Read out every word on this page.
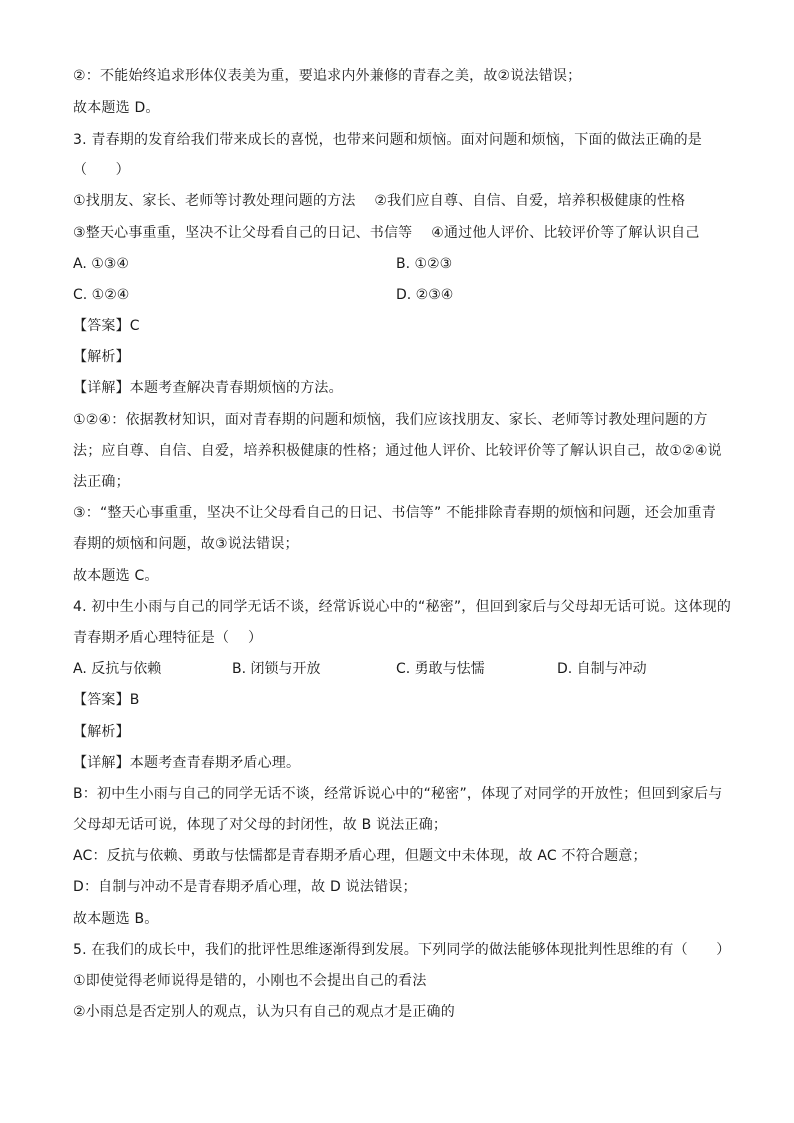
②：不能始终追求形体仪表美为重，要追求内外兼修的青春之美，故②说法错误；
故本题选 D。
3. 青春期的发育给我们带来成长的喜悦，也带来问题和烦恼。面对问题和烦恼，下面的做法正确的是
（　　）
①找朋友、家长、老师等讨教处理问题的方法　 ②我们应自尊、自信、自爱，培养积极健康的性格
③整天心事重重，坚决不让父母看自己的日记、书信等　 ④通过他人评价、比较评价等了解认识自己
A. ①③④	B. ①②③
C. ①②④	D. ②③④
【答案】C
【解析】
【详解】本题考查解决青春期烦恼的方法。
①②④：依据教材知识，面对青春期的问题和烦恼，我们应该找朋友、家长、老师等讨教处理问题的方
法；应自尊、自信、自爱，培养积极健康的性格；通过他人评价、比较评价等了解认识自己，故①②④说
法正确；
③：“整天心事重重，坚决不让父母看自己的日记、书信等” 不能排除青春期的烦恼和问题，还会加重青
春期的烦恼和问题，故③说法错误；
故本题选 C。
4. 初中生小雨与自己的同学无话不谈，经常诉说心中的“秘密”，但回到家后与父母却无话可说。这体现的
青春期矛盾心理特征是（　 ）
A. 反抗与依赖	B. 闭锁与开放	C. 勇敢与怯懦	D. 自制与冲动
【答案】B
【解析】
【详解】本题考查青春期矛盾心理。
B：初中生小雨与自己的同学无话不谈，经常诉说心中的“秘密”，体现了对同学的开放性；但回到家后与
父母却无话可说，体现了对父母的封闭性，故 B 说法正确；
AC：反抗与依赖、勇敢与怯懦都是青春期矛盾心理，但题文中未体现，故 AC 不符合题意；
D：自制与冲动不是青春期矛盾心理，故 D 说法错误；
故本题选 B。
5. 在我们的成长中，我们的批评性思维逐渐得到发展。下列同学的做法能够体现批判性思维的有（　　）
①即使觉得老师说得是错的，小刚也不会提出自己的看法
②小雨总是否定别人的观点，认为只有自己的观点才是正确的
